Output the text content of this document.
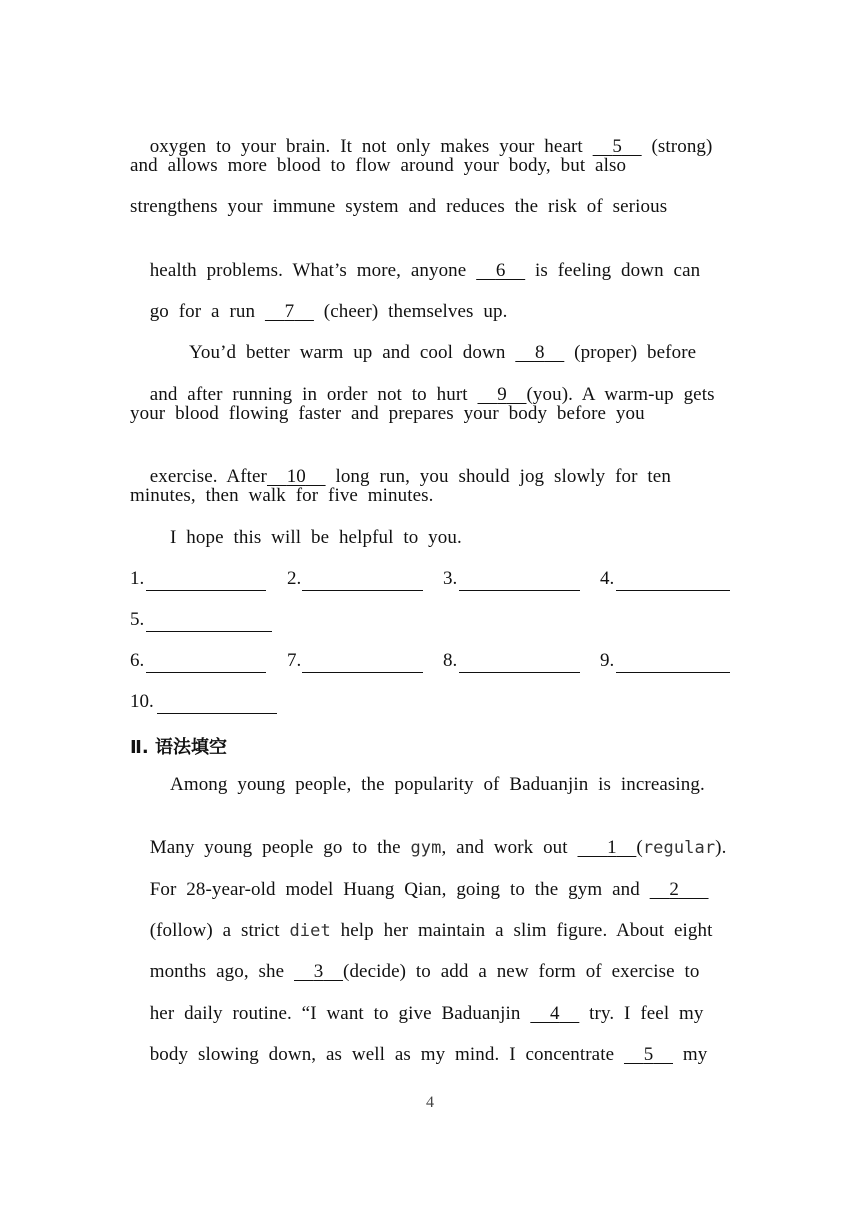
oxygen to your brain. It not only makes your heart   5   (strong)

and allows more blood to flow around your body, but also
strengthens your immune system and reduces the risk of serious

health problems. What’s more, anyone   6   is feeling down can

go for a run   7   (cheer) themselves up.

You’d better warm up and cool down   8   (proper) before

and after running in order not to hurt   9 (you). A warm-up gets

your blood flowing faster and prepares your body before you

exercise. After 10   long run, you should jog slowly for ten

minutes, then walk for five minutes.
I hope this will be helpful to you.
1.	2.	3.	4.
5.
6.	7.	8.	9.
10.
Ⅱ. 语法填空
Among young people, the popularity of Baduanjin is increasing.

Many young people go to the gym, and work out    1 (regular).

For 28-year-old model Huang Qian, going to the gym and   2

(follow) a strict diet help her maintain a slim figure. About eight

months ago, she   3 (decide) to add a new form of exercise to

her daily routine. “I want to give Baduanjin   4   try. I feel my

body slowing down, as well as my mind. I concentrate   5   my

4
